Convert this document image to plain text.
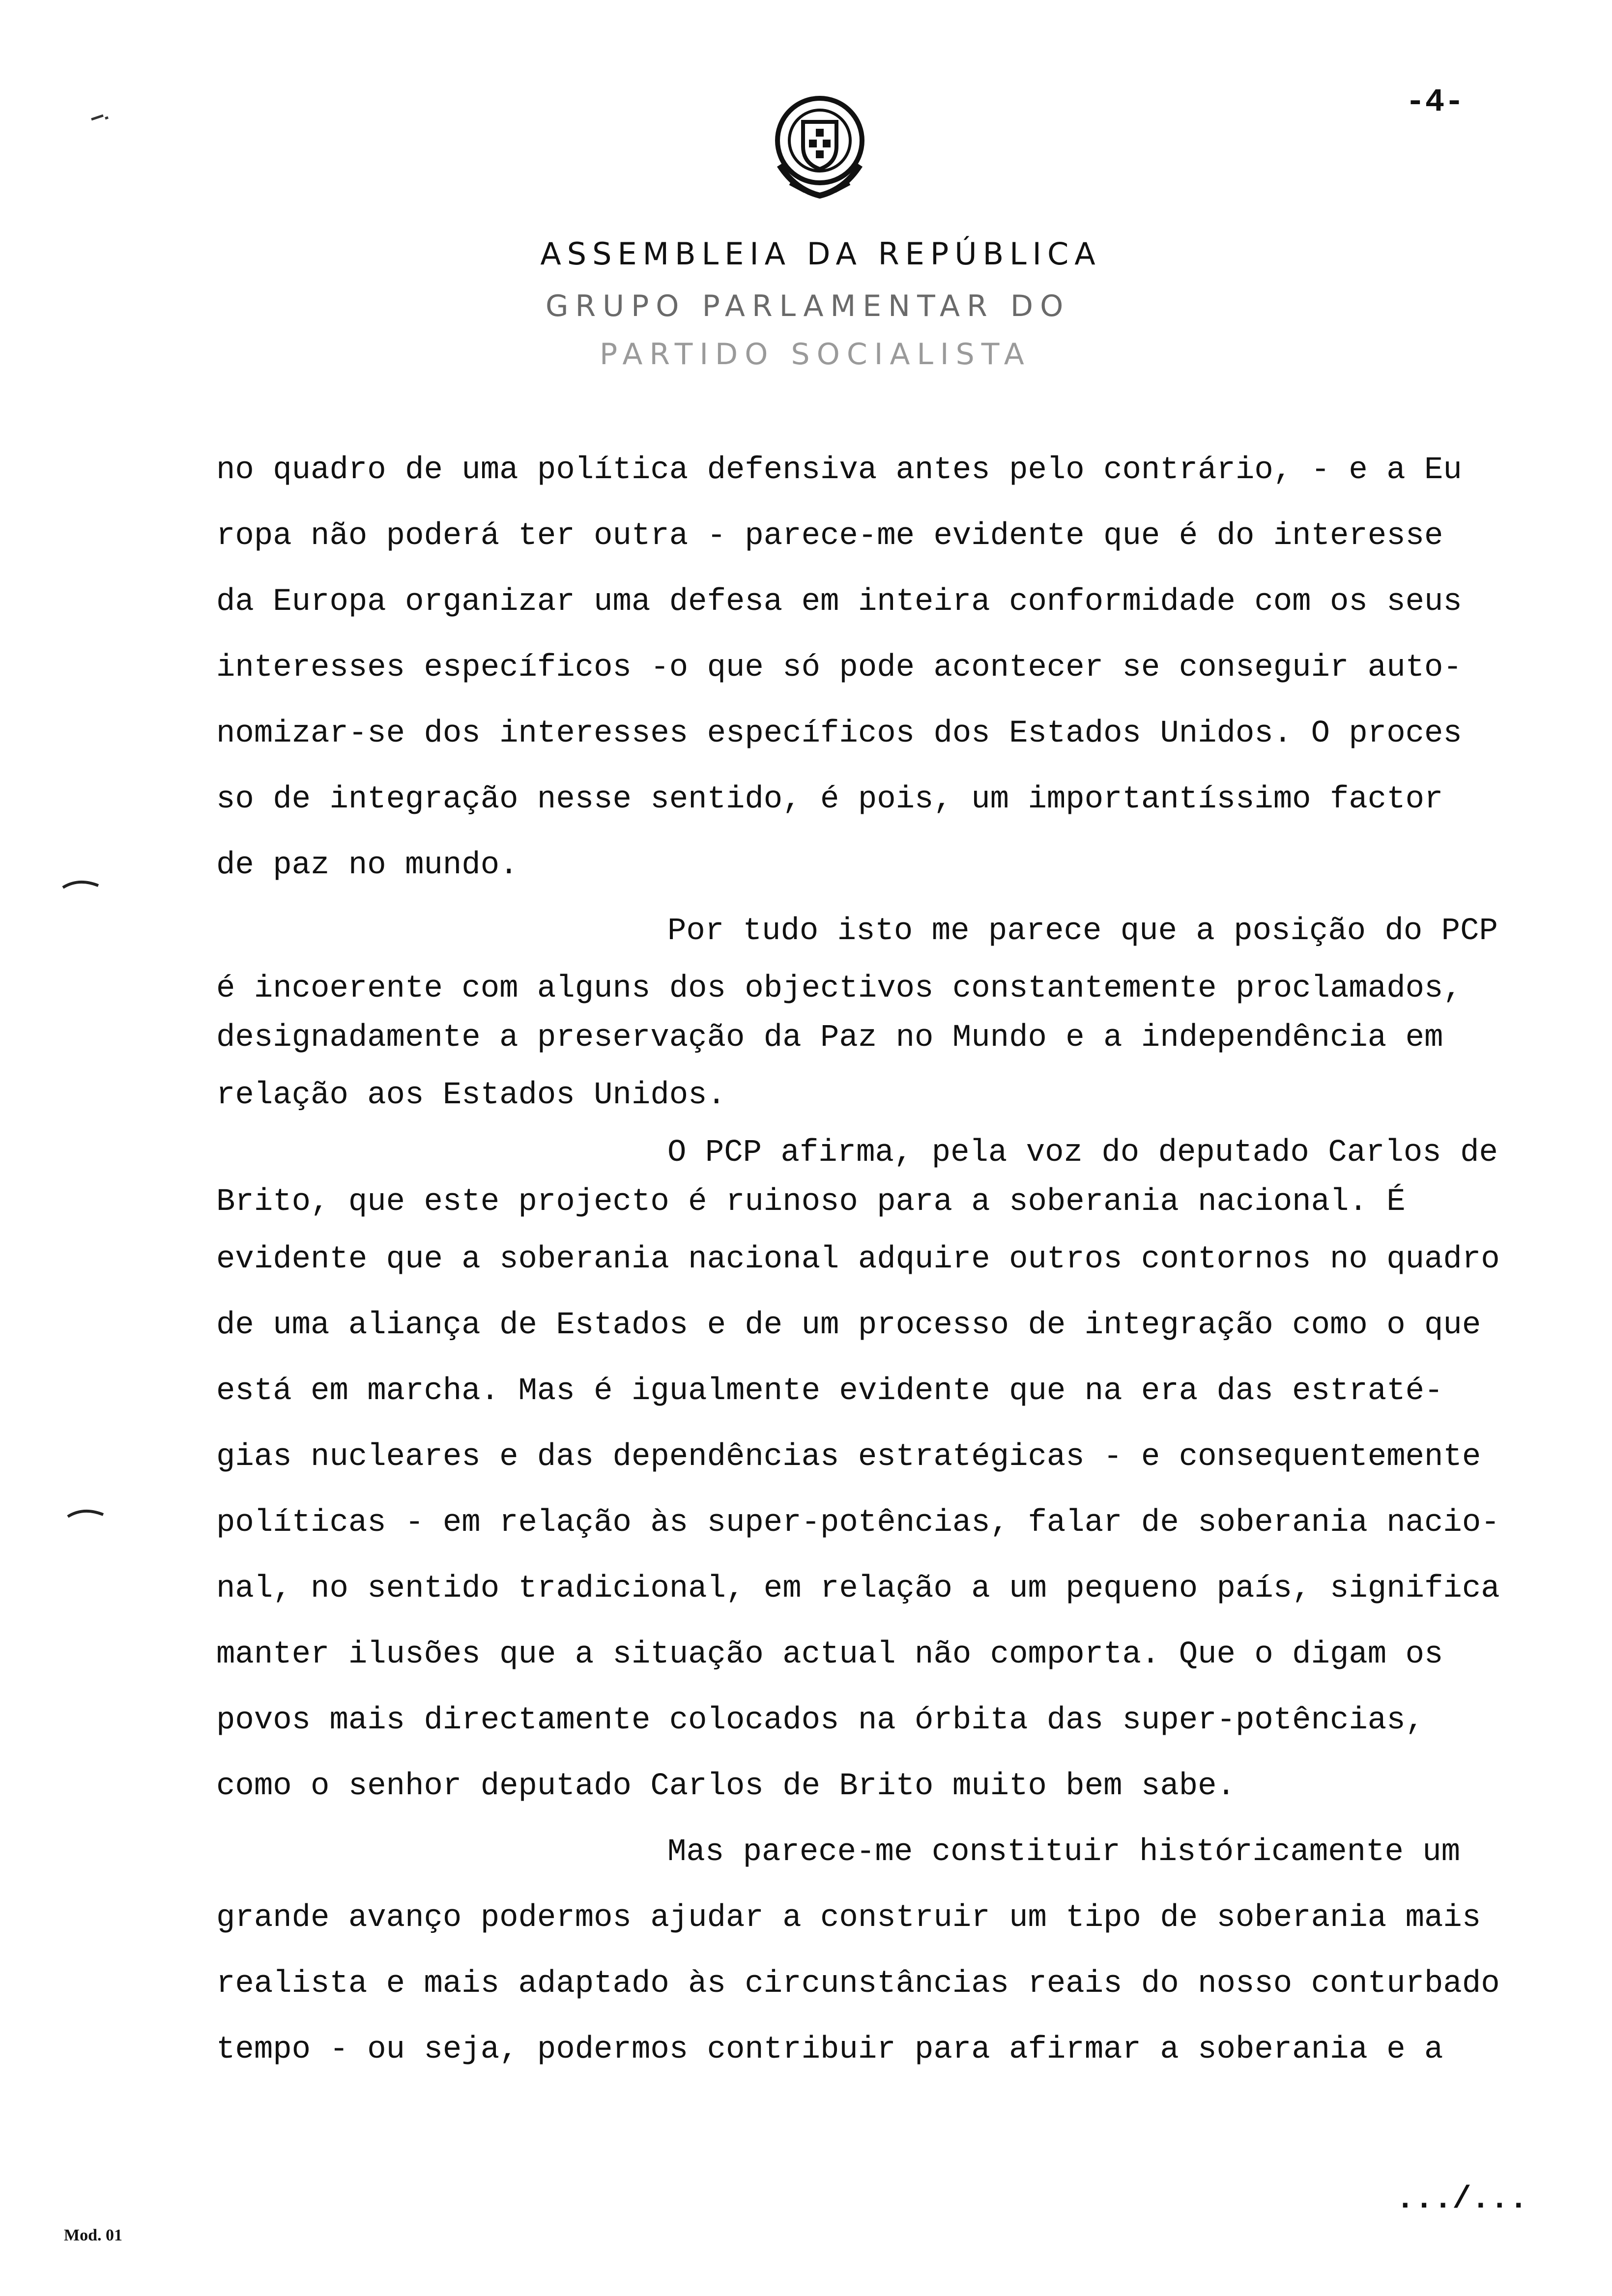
-4-
ASSEMBLEIA DA REPÚBLICA
GRUPO PARLAMENTAR DO
PARTIDO SOCIALISTA
no quadro de uma política defensiva antes pelo contrário, - e a Eu
ropa não poderá ter outra - parece-me evidente que é do interesse
da Europa organizar uma defesa em inteira conformidade com os seus
interesses específicos -o que só pode acontecer se conseguir auto-
nomizar-se dos interesses específicos dos Estados Unidos. O proces
so de integração nesse sentido, é pois, um importantíssimo factor
de paz no mundo.
Por tudo isto me parece que a posição do PCP
é incoerente com alguns dos objectivos constantemente proclamados,
designadamente a preservação da Paz no Mundo e a independência em
relação aos Estados Unidos.
O PCP afirma, pela voz do deputado Carlos de
Brito, que este projecto é ruinoso para a soberania nacional. É
evidente que a soberania nacional adquire outros contornos no quadro
de uma aliança de Estados e de um processo de integração como o que
está em marcha. Mas é igualmente evidente que na era das estraté-
gias nucleares e das dependências estratégicas - e consequentemente
políticas - em relação às super-potências, falar de soberania nacio-
nal, no sentido tradicional, em relação a um pequeno país, significa
manter ilusões que a situação actual não comporta. Que o digam os
povos mais directamente colocados na órbita das super-potências,
como o senhor deputado Carlos de Brito muito bem sabe.
Mas parece-me constituir históricamente um
grande avanço podermos ajudar a construir um tipo de soberania mais
realista e mais adaptado às circunstâncias reais do nosso conturbado
tempo - ou seja, podermos contribuir para afirmar a soberania e a
.../...
Mod. 01
